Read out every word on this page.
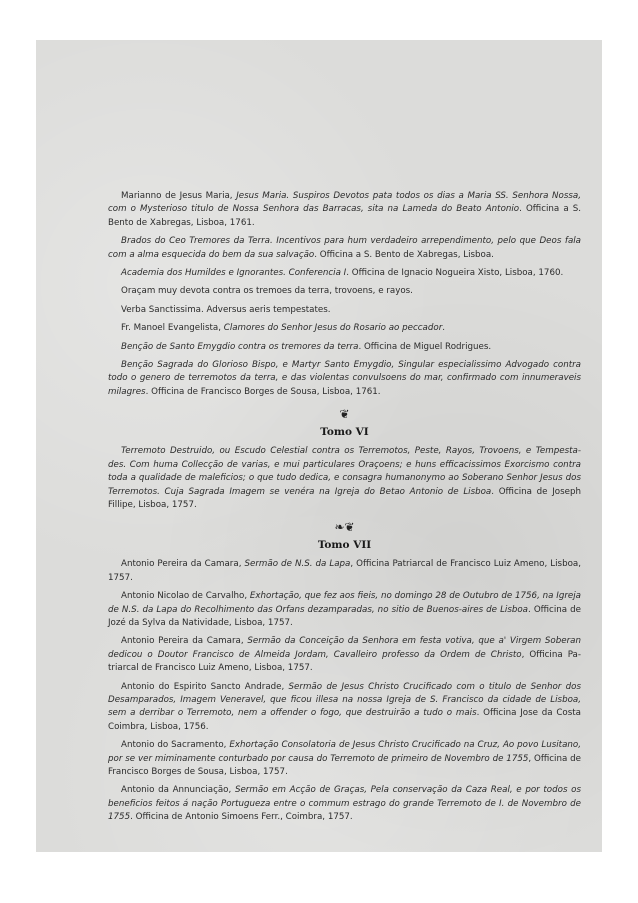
Marianno de Jesus Maria, Jesus Maria. Suspiros Devotos pata todos os dias a Maria SS. Senhora Nossa, com o Mysterioso titulo de Nossa Senhora das Barracas, sita na Lameda do Beato Antonio. Officina a S. Bento de Xabregas, Lisboa, 1761.

Brados do Ceo Tremores da Terra. Incentivos para hum verdadeiro arrependimento, pelo que Deos fala com a alma esquecida do bem da sua salvação. Officina a S. Bento de Xabregas, Lisboa.

Academia dos Humildes e Ignorantes. Conferencia I. Officina de Ignacio Nogueira Xisto, Lisboa, 1760.

Oraçam muy devota contra os tremoes da terra, trovoens, e rayos.

Verba Sanctissima. Adversus aeris tempestates.

Fr. Manoel Evangelista, Clamores do Senhor Jesus do Rosario ao peccador.

Benção de Santo Emygdio contra os tremores da terra. Officina de Miguel Rodrigues.

Benção Sagrada do Glorioso Bispo, e Martyr Santo Emygdio, Singular especialissimo Advogado contra todo o genero de terremotos da terra, e das violentas convulsoens do mar, confirmado com innumeraveis milagres. Officina de Francisco Borges de Sousa, Lisboa, 1761.

❦
Tomo VI

Terremoto Destruido, ou Escudo Celestial contra os Terremotos, Peste, Rayos, Trovoens, e Tempesta- des. Com huma Collecção de varias, e mui particulares Oraçoens; e huns efficacissimos Exorcismo contra toda a qualidade de maleficios; o que tudo dedica, e consagra humanonymo ao Soberano Senhor Jesus dos Terremotos. Cuja Sagrada Imagem se venéra na Igreja do Betao Antonio de Lisboa. Officina de Joseph Fillipe, Lisboa, 1757.

❧❦
Tomo VII

Antonio Pereira da Camara, Sermão de N.S. da Lapa, Officina Patriarcal de Francisco Luiz Ameno, Lisboa, 1757.

Antonio Nicolao de Carvalho, Exhortação, que fez aos fieis, no domingo 28 de Outubro de 1756, na Igreja de N.S. da Lapa do Recolhimento das Orfans dezamparadas, no sitio de Buenos-aires de Lisboa. Officina de Jozé da Sylva da Natividade, Lisboa, 1757.

Antonio Pereira da Camara, Sermão da Conceição da Senhora em festa votiva, que a' Virgem Soberan dedicou o Doutor Francisco de Almeida Jordam, Cavalleiro professo da Ordem de Christo, Officina Pa- triarcal de Francisco Luiz Ameno, Lisboa, 1757.

Antonio do Espirito Sancto Andrade, Sermão de Jesus Christo Crucificado com o titulo de Senhor dos Desamparados, Imagem Veneravel, que ficou illesa na nossa Igreja de S. Francisco da cidade de Lisboa, sem a derribar o Terremoto, nem a offender o fogo, que destruirão a tudo o mais. Officina Jose da Costa Coimbra, Lisboa, 1756.

Antonio do Sacramento, Exhortação Consolatoria de Jesus Christo Crucificado na Cruz, Ao povo Lusitano, por se ver miminamente conturbado por causa do Terremoto de primeiro de Novembro de 1755, Officina de Francisco Borges de Sousa, Lisboa, 1757.

Antonio da Annunciação, Sermão em Acção de Graças, Pela conservação da Caza Real, e por todos os beneficios feitos á nação Portugueza entre o commum estrago do grande Terremoto de I. de Novembro de 1755. Officina de Antonio Simoens Ferr., Coimbra, 1757.
